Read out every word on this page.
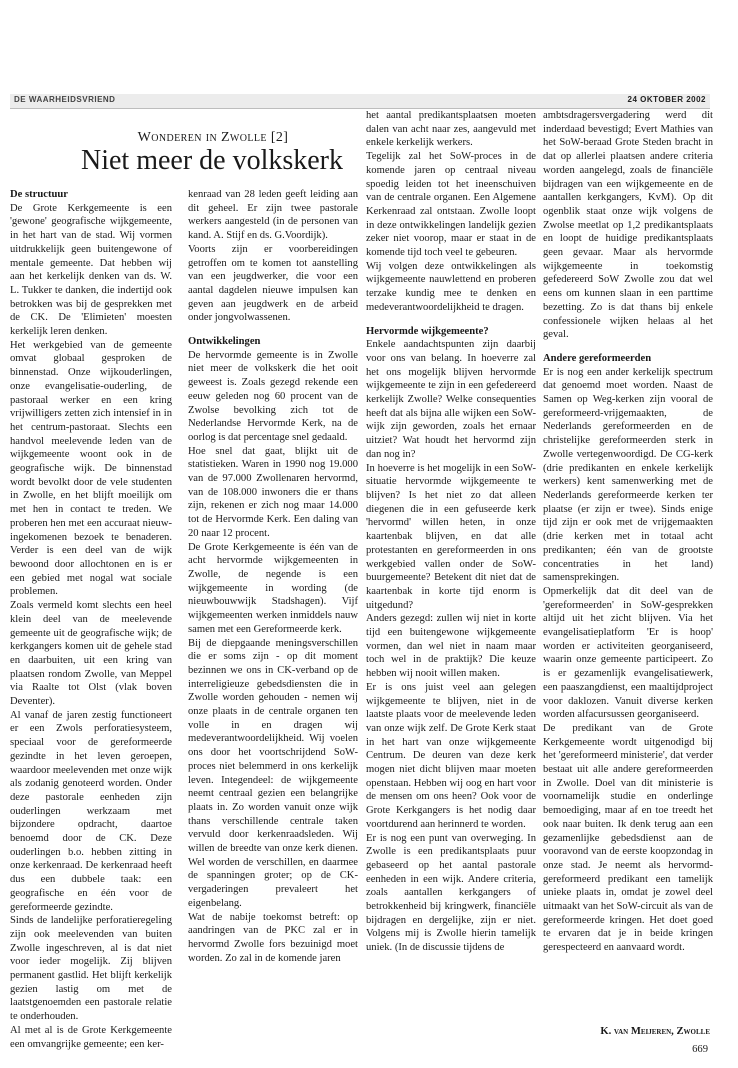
DE WAARHEIDSVRIEND	24 OKTOBER 2002
Wonderen in Zwolle [2]
Niet meer de volkskerk
De structuur

De Grote Kerkgemeente is een 'gewone' geografische wijkgemeente, in het hart van de stad. Wij vormen uitdrukkelijk geen buitengewone of mentale gemeente. Dat hebben wij aan het kerkelijk denken van ds. W. L. Tukker te danken, die indertijd ook betrokken was bij de gesprekken met de CK. De 'Elimieten' moesten kerkelijk leren denken.

Het werkgebied van de gemeente omvat globaal gesproken de binnenstad. Onze wijkouderlingen, onze evangelisatie-ouderling, de pastoraal werker en een kring vrijwilligers zetten zich intensief in in het centrum-pastoraat. Slechts een handvol meelevende leden van de wijkgemeente woont ook in de geografische wijk. De binnenstad wordt bevolkt door de vele studenten in Zwolle, en het blijft moeilijk om met hen in contact te treden. We proberen hen met een accuraat nieuw-ingekomenen bezoek te benaderen. Verder is een deel van de wijk bewoond door allochtonen en is er een gebied met nogal wat sociale problemen.

Zoals vermeld komt slechts een heel klein deel van de meelevende gemeente uit de geografische wijk; de kerkgangers komen uit de gehele stad en daarbuiten, uit een kring van plaatsen rondom Zwolle, van Meppel via Raalte tot Olst (vlak boven Deventer).

Al vanaf de jaren zestig functioneert er een Zwols perforatiesysteem, speciaal voor de gereformeerde gezindte in het leven geroepen, waardoor meelevenden met onze wijk als zodanig genoteerd worden. Onder deze pastorale eenheden zijn ouderlingen werkzaam met bijzondere opdracht, daartoe benoemd door de CK. Deze ouderlingen b.o. hebben zitting in onze kerkenraad. De kerkenraad heeft dus een dubbele taak: een geografische en één voor de gereformeerde gezindte.

Sinds de landelijke perforatieregeling zijn ook meelevenden van buiten Zwolle ingeschreven, al is dat niet voor ieder mogelijk. Zij blijven permanent gastlid. Het blijft kerkelijk gezien lastig om met de laatstgenoemden een pastorale relatie te onderhouden.

Al met al is de Grote Kerkgemeente een omvangrijke gemeente; een ker-

kenraad van 28 leden geeft leiding aan dit geheel. Er zijn twee pastorale werkers aangesteld (in de personen van kand. A. Stijf en ds. G.Voordijk).

Voorts zijn er voorbereidingen getroffen om te komen tot aanstelling van een jeugdwerker, die voor een aantal dagdelen nieuwe impulsen kan geven aan jeugdwerk en de arbeid onder jongvolwassenen.

Ontwikkelingen

De hervormde gemeente is in Zwolle niet meer de volkskerk die het ooit geweest is. Zoals gezegd rekende een eeuw geleden nog 60 procent van de Zwolse bevolking zich tot de Nederlandse Hervormde Kerk, na de oorlog is dat percentage snel gedaald.

Hoe snel dat gaat, blijkt uit de statistieken. Waren in 1990 nog 19.000 van de 97.000 Zwollenaren hervormd, van de 108.000 inwoners die er thans zijn, rekenen er zich nog maar 14.000 tot de Hervormde Kerk. Een daling van 20 naar 12 procent.

De Grote Kerkgemeente is één van de acht hervormde wijkgemeenten in Zwolle, de negende is een wijkgemeente in wording (de nieuwbouwwijk Stadshagen). Vijf wijkgemeenten werken inmiddels nauw samen met een Gereformeerde kerk.

Bij de diepgaande meningsverschillen die er soms zijn - op dit moment bezinnen we ons in CK-verband op de interreligieuze gebedsdiensten die in Zwolle worden gehouden - nemen wij onze plaats in de centrale organen ten volle in en dragen wij medeverantwoordelijkheid. Wij voelen ons door het voortschrijdend SoW-proces niet belemmerd in ons kerkelijk leven. Integendeel: de wijkgemeente neemt centraal gezien een belangrijke plaats in. Zo worden vanuit onze wijk thans verschillende centrale taken vervuld door kerkenraadsleden. Wij willen de breedte van onze kerk dienen. Wel worden de verschillen, en daarmee de spanningen groter; op de CK-vergaderingen prevaleert het eigenbelang.

Wat de nabije toekomst betreft: op aandringen van de PKC zal er in hervormd Zwolle fors bezuinigd moet worden. Zo zal in de komende jaren

het aantal predikantsplaatsen moeten dalen van acht naar zes, aangevuld met enkele kerkelijk werkers.

Tegelijk zal het SoW-proces in de komende jaren op centraal niveau spoedig leiden tot het ineenschuiven van de centrale organen. Een Algemene Kerkenraad zal ontstaan. Zwolle loopt in deze ontwikkelingen landelijk gezien zeker niet voorop, maar er staat in de komende tijd toch veel te gebeuren.

Wij volgen deze ontwikkelingen als wijkgemeente nauwlettend en proberen terzake kundig mee te denken en medeverantwoordelijkheid te dragen.

Hervormde wijkgemeente?

Enkele aandachtspunten zijn daarbij voor ons van belang. In hoeverre zal het ons mogelijk blijven hervormde wijkgemeente te zijn in een gefedereerd kerkelijk Zwolle? Welke consequenties heeft dat als bijna alle wijken een SoW-wijk zijn geworden, zoals het ernaar uitziet? Wat houdt het hervormd zijn dan nog in?

In hoeverre is het mogelijk in een SoW-situatie hervormde wijkgemeente te blijven? Is het niet zo dat alleen diegenen die in een gefuseerde kerk 'hervormd' willen heten, in onze kaartenbak blijven, en dat alle protestanten en gereformeerden in ons werkgebied vallen onder de SoW-buurgemeente? Betekent dit niet dat de kaartenbak in korte tijd enorm is uitgedund?

Anders gezegd: zullen wij niet in korte tijd een buitengewone wijkgemeente vormen, dan wel niet in naam maar toch wel in de praktijk? Die keuze hebben wij nooit willen maken.

Er is ons juist veel aan gelegen wijkgemeente te blijven, niet in de laatste plaats voor de meelevende leden van onze wijk zelf. De Grote Kerk staat in het hart van onze wijkgemeente Centrum. De deuren van deze kerk mogen niet dicht blijven maar moeten openstaan. Hebben wij oog en hart voor de mensen om ons heen? Ook voor de Grote Kerkgangers is het nodig daar voortdurend aan herinnerd te worden.

Er is nog een punt van overweging. In Zwolle is een predikantsplaats puur gebaseerd op het aantal pastorale eenheden in een wijk. Andere criteria, zoals aantallen kerkgangers of betrokkenheid bij kringwerk, financiële bijdragen en dergelijke, zijn er niet. Volgens mij is Zwolle hierin tamelijk uniek. (In de discussie tijdens de

ambtsdragersvergadering werd dit inderdaad bevestigd; Evert Mathies van het SoW-beraad Grote Steden bracht in dat op allerlei plaatsen andere criteria worden aangelegd, zoals de financiële bijdragen van een wijkgemeente en de aantallen kerkgangers, KvM). Op dit ogenblik staat onze wijk volgens de Zwolse meetlat op 1,2 predikantsplaats en loopt de huidige predikantsplaats geen gevaar. Maar als hervormde wijkgemeente in toekomstig gefedereerd SoW Zwolle zou dat wel eens om kunnen slaan in een parttime bezetting. Zo is dat thans bij enkele confessionele wijken helaas al het geval.

Andere gereformeerden

Er is nog een ander kerkelijk spectrum dat genoemd moet worden. Naast de Samen op Weg-kerken zijn vooral de gereformeerd-vrijgemaakten, de Nederlands gereformeerden en de christelijke gereformeerden sterk in Zwolle vertegenwoordigd. De CG-kerk (drie predikanten en enkele kerkelijk werkers) kent samenwerking met de Nederlands gereformeerde kerken ter plaatse (er zijn er twee). Sinds enige tijd zijn er ook met de vrijgemaakten (drie kerken met in totaal acht predikanten; één van de grootste concentraties in het land) samensprekingen.

Opmerkelijk dat dit deel van de 'gereformeerden' in SoW-gesprekken altijd uit het zicht blijven. Via het evangelisatieplatform 'Er is hoop' worden er activiteiten georganiseerd, waarin onze gemeente participeert. Zo is er gezamenlijk evangelisatiewerk, een paaszangdienst, een maaltijdproject voor daklozen. Vanuit diverse kerken worden alfacursussen georganiseerd.

De predikant van de Grote Kerkgemeente wordt uitgenodigd bij het 'gereformeerd ministerie', dat verder bestaat uit alle andere gereformeerden in Zwolle. Doel van dit ministerie is voornamelijk studie en onderlinge bemoediging, maar af en toe treedt het ook naar buiten. Ik denk terug aan een gezamenlijke gebedsdienst aan de vooravond van de eerste koopzondag in onze stad. Je neemt als hervormd-gereformeerd predikant een tamelijk unieke plaats in, omdat je zowel deel uitmaakt van het SoW-circuit als van de gereformeerde kringen. Het doet goed te ervaren dat je in beide kringen gerespecteerd en aanvaard wordt.

K. van Meijeren, Zwolle
669
